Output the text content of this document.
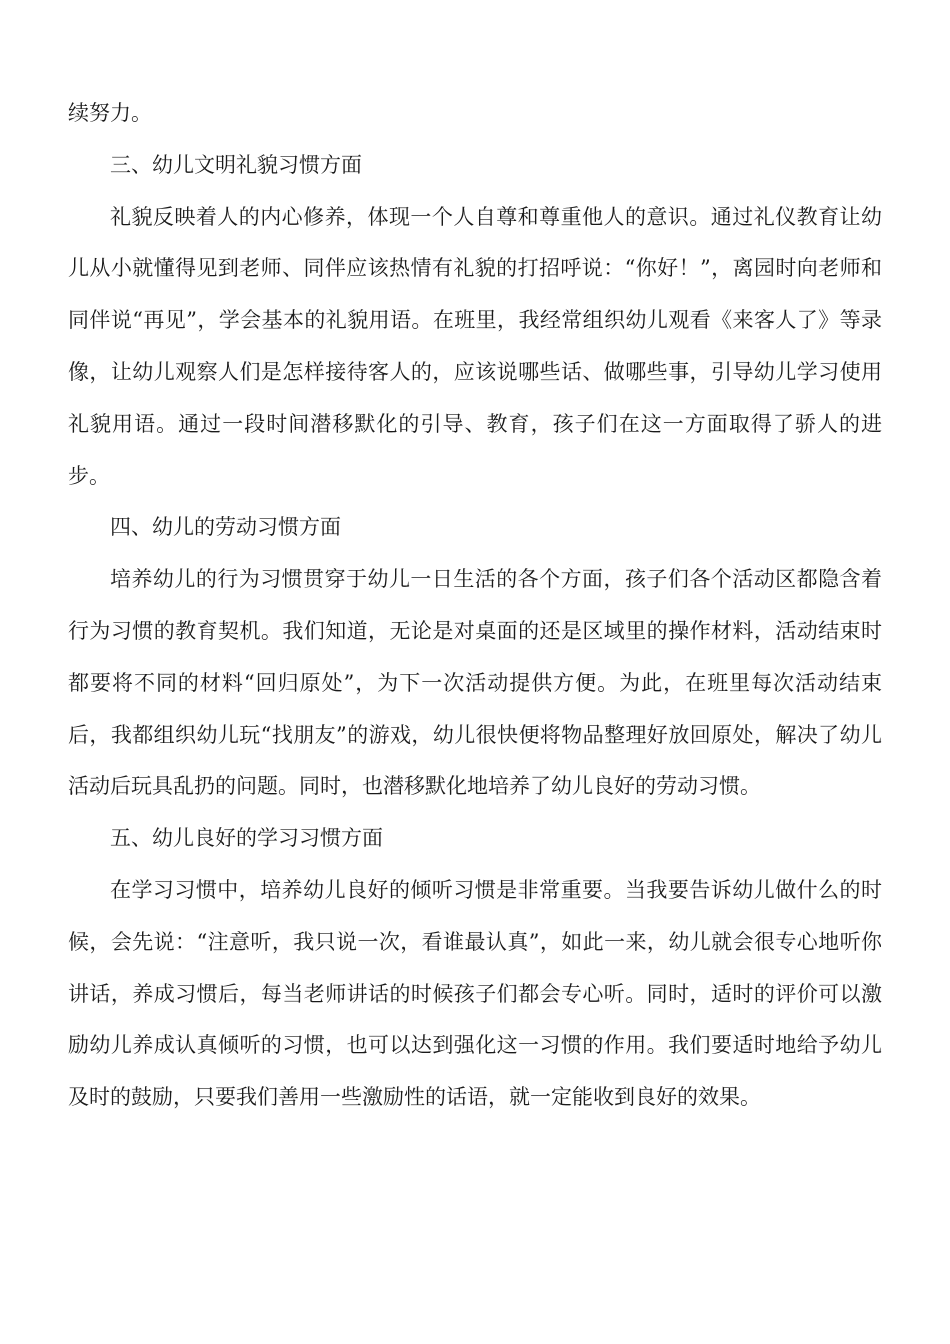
续努力。

三、幼儿文明礼貌习惯方面

礼貌反映着人的内心修养，体现一个人自尊和尊重他人的意识。通过礼仪教育让幼儿从小就懂得见到老师、同伴应该热情有礼貌的打招呼说：“你好！”，离园时向老师和同伴说“再见”，学会基本的礼貌用语。在班里，我经常组织幼儿观看《来客人了》等录像，让幼儿观察人们是怎样接待客人的，应该说哪些话、做哪些事，引导幼儿学习使用礼貌用语。通过一段时间潜移默化的引导、教育，孩子们在这一方面取得了骄人的进步。

四、幼儿的劳动习惯方面

培养幼儿的行为习惯贯穿于幼儿一日生活的各个方面，孩子们各个活动区都隐含着行为习惯的教育契机。我们知道，无论是对桌面的还是区域里的操作材料，活动结束时都要将不同的材料“回归原处”，为下一次活动提供方便。为此，在班里每次活动结束后，我都组织幼儿玩“找朋友”的游戏，幼儿很快便将物品整理好放回原处，解决了幼儿活动后玩具乱扔的问题。同时，也潜移默化地培养了幼儿良好的劳动习惯。

五、幼儿良好的学习习惯方面

在学习习惯中，培养幼儿良好的倾听习惯是非常重要。当我要告诉幼儿做什么的时候，会先说：“注意听，我只说一次，看谁最认真”，如此一来，幼儿就会很专心地听你讲话，养成习惯后，每当老师讲话的时候孩子们都会专心听。同时，适时的评价可以激励幼儿养成认真倾听的习惯，也可以达到强化这一习惯的作用。我们要适时地给予幼儿及时的鼓励，只要我们善用一些激励性的话语，就一定能收到良好的效果。
